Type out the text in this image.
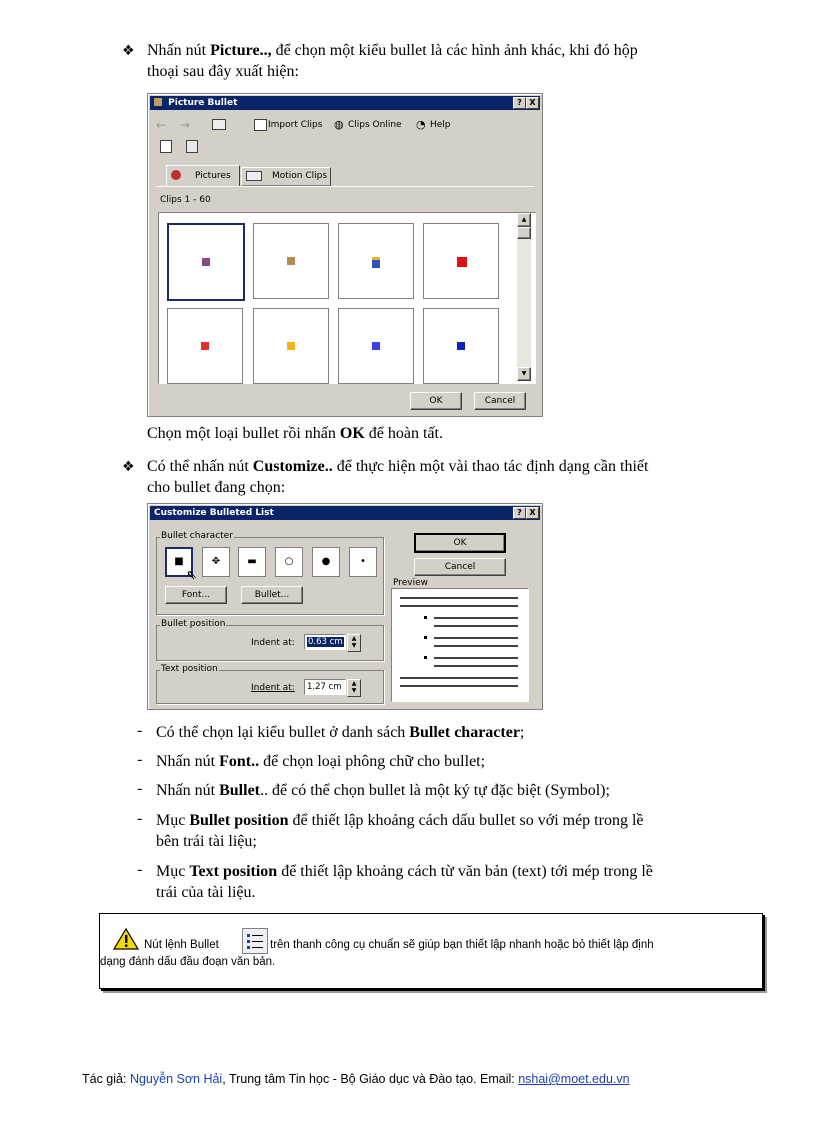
❖ Nhấn nút Picture.., để chọn một kiểu bullet là các hình ảnh khác, khi đó hộp
thoại sau đây xuất hiện:
Picture Bullet	? X
← →	Import Clips ◍ Clips Online ◔ Help
Pictures	Motion Clips
Clips 1 - 60
▲
▼
OK	Cancel
Chọn một loại bullet rồi nhấn OK để hoàn tất.
❖ Có thể nhấn nút Customize.. để thực hiện một vài thao tác định dạng cần thiết
cho bullet đang chọn:
Customize Bulleted List	? X
Bullet character
■	✥	▬	○	●	•
⇖
Font...	Bullet...
Bullet position
Indent at:	0.63 cm	▲
▼
Text position
Indent at:	1.27 cm	▲
▼
OK
Cancel
Preview
- Có thể chọn lại kiểu bullet ở danh sách Bullet character;
- Nhấn nút Font.. để chọn loại phông chữ cho bullet;
- Nhấn nút Bullet.. để có thể chọn bullet là một ký tự đặc biệt (Symbol);
- Mục Bullet position để thiết lập khoảng cách dấu bullet so với mép trong lề
bên trái tài liệu;
- Mục Text position để thiết lập khoảng cách từ văn bản (text) tới mép trong lề
trái của tài liệu.
Nút lệnh Bullet	trên thanh công cụ chuẩn sẽ giúp bạn thiết lập nhanh hoặc bỏ thiết lập định
dạng đánh dấu đầu đoạn văn bản.
Tác giả: Nguyễn Sơn Hải, Trung tâm Tin học - Bộ Giáo dục và Đào tạo. Email: nshai@moet.edu.vn
